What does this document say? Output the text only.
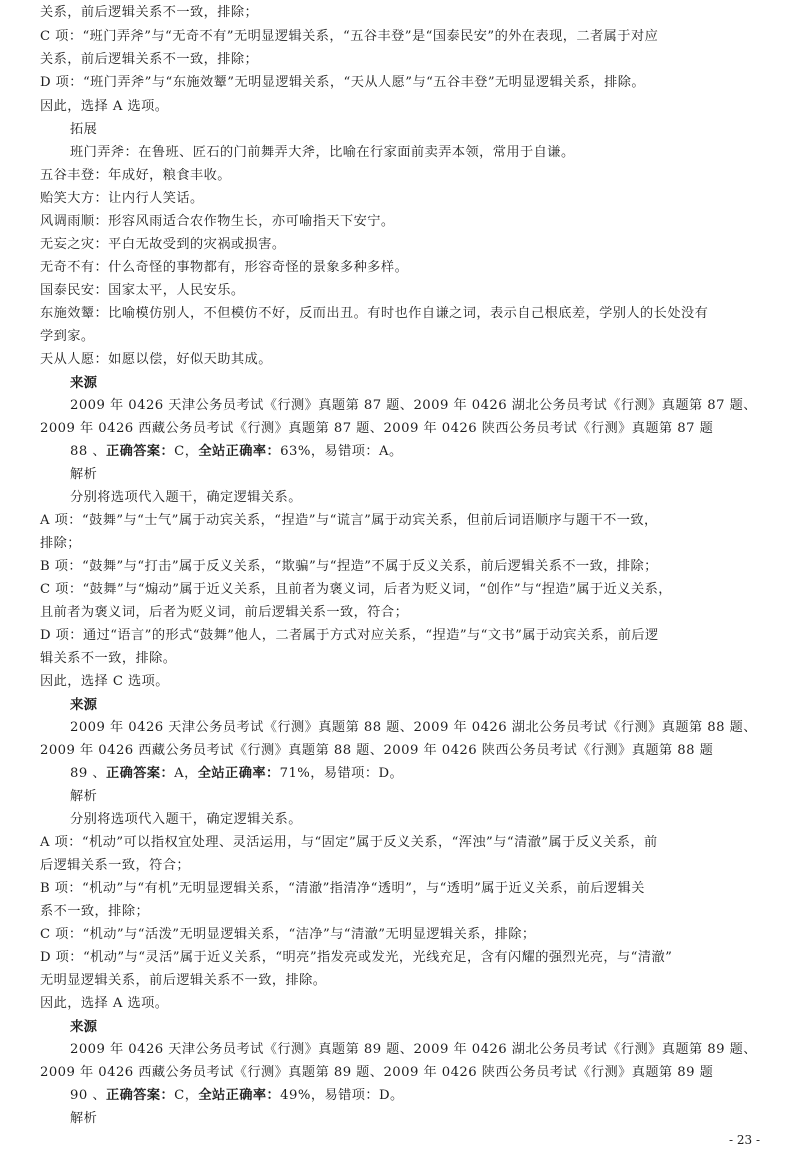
关系，前后逻辑关系不一致，排除；
C 项：“班门弄斧”与“无奇不有”无明显逻辑关系，“五谷丰登”是“国泰民安”的外在表现，二者属于对应
关系，前后逻辑关系不一致，排除；
D 项：“班门弄斧”与“东施效颦”无明显逻辑关系，“天从人愿”与“五谷丰登”无明显逻辑关系，排除。
因此，选择 A 选项。
拓展
班门弄斧：在鲁班、匠石的门前舞弄大斧，比喻在行家面前卖弄本领，常用于自谦。
五谷丰登：年成好，粮食丰收。
贻笑大方：让内行人笑话。
风调雨顺：形容风雨适合农作物生长，亦可喻指天下安宁。
无妄之灾：平白无故受到的灾祸或损害。
无奇不有：什么奇怪的事物都有，形容奇怪的景象多种多样。
国泰民安：国家太平，人民安乐。
东施效颦：比喻模仿别人，不但模仿不好，反而出丑。有时也作自谦之词，表示自己根底差，学别人的长处没有
学到家。
天从人愿：如愿以偿，好似天助其成。
来源
2009 年 0426 天津公务员考试《行测》真题第 87 题、2009 年 0426 湖北公务员考试《行测》真题第 87 题、
2009 年 0426 西藏公务员考试《行测》真题第 87 题、2009 年 0426 陕西公务员考试《行测》真题第 87 题
88 、正确答案：C，全站正确率：63%，易错项：A。
解析
分别将选项代入题干，确定逻辑关系。
A 项：“鼓舞”与“士气”属于动宾关系，“捏造”与“谎言”属于动宾关系，但前后词语顺序与题干不一致，
排除；
B 项：“鼓舞”与“打击”属于反义关系，“欺骗”与“捏造”不属于反义关系，前后逻辑关系不一致，排除；
C 项：“鼓舞”与“煽动”属于近义关系，且前者为褒义词，后者为贬义词，“创作”与“捏造”属于近义关系，
且前者为褒义词，后者为贬义词，前后逻辑关系一致，符合；
D 项：通过“语言”的形式“鼓舞”他人，二者属于方式对应关系，“捏造”与“文书”属于动宾关系，前后逻
辑关系不一致，排除。
因此，选择 C 选项。
来源
2009 年 0426 天津公务员考试《行测》真题第 88 题、2009 年 0426 湖北公务员考试《行测》真题第 88 题、
2009 年 0426 西藏公务员考试《行测》真题第 88 题、2009 年 0426 陕西公务员考试《行测》真题第 88 题
89 、正确答案：A，全站正确率：71%，易错项：D。
解析
分别将选项代入题干，确定逻辑关系。
A 项：“机动”可以指权宜处理、灵活运用，与“固定”属于反义关系，“浑浊”与“清澈”属于反义关系，前
后逻辑关系一致，符合；
B 项：“机动”与“有机”无明显逻辑关系，“清澈”指清净“透明”，与“透明”属于近义关系，前后逻辑关
系不一致，排除；
C 项：“机动”与“活泼”无明显逻辑关系，“洁净”与“清澈”无明显逻辑关系，排除；
D 项：“机动”与“灵活”属于近义关系，“明亮”指发亮或发光，光线充足，含有闪耀的强烈光亮，与“清澈”
无明显逻辑关系，前后逻辑关系不一致，排除。
因此，选择 A 选项。
来源
2009 年 0426 天津公务员考试《行测》真题第 89 题、2009 年 0426 湖北公务员考试《行测》真题第 89 题、
2009 年 0426 西藏公务员考试《行测》真题第 89 题、2009 年 0426 陕西公务员考试《行测》真题第 89 题
90 、正确答案：C，全站正确率：49%，易错项：D。
解析
- 23 -
